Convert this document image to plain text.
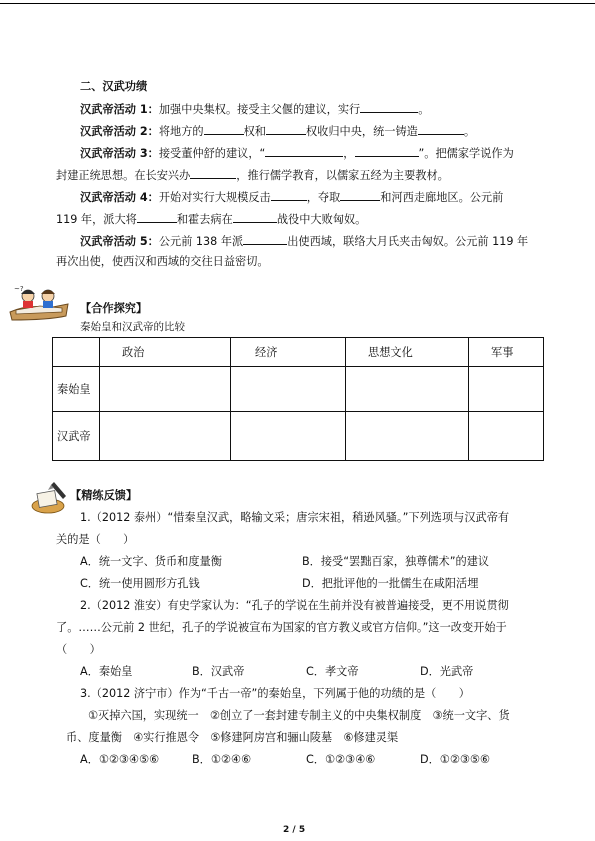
二、汉武功绩
汉武帝活动 1：加强中央集权。接受主父偃的建议，实行	。
汉武帝活动 2：将地方的	权和	权收归中央，统一铸造	。
汉武帝活动 3：接受董仲舒的建议，“	，	”。把儒家学说作为
封建正统思想。在长安兴办	，推行儒学教育，以儒家五经为主要教材。
汉武帝活动 4：开始对实行大规模反击	，夺取	和河西走廊地区。公元前
119 年，派大将	和霍去病在	战役中大败匈奴。
汉武帝活动 5：公元前 138 年派	出使西域，联络大月氏夹击匈奴。公元前 119 年
再次出使，使西汉和西域的交往日益密切。
~?
【合作探究】
秦始皇和汉武帝的比较
	政治	经济	思想文化	军事
秦始皇				
汉武帝				
【精练反馈】
1.（2012 泰州）“惜秦皇汉武，略输文采；唐宗宋祖，稍逊风骚。”下列选项与汉武帝有
关的是（　　）
A．统一文字、货币和度量衡	B．接受“罢黜百家，独尊儒术”的建议
C．统一使用圆形方孔钱	D．把批评他的一批儒生在咸阳活埋
2.（2012 淮安）有史学家认为：“孔子的学说在生前并没有被普遍接受，更不用说贯彻
了。……公元前 2 世纪，孔子的学说被宣布为国家的官方教义或官方信仰。”这一改变开始于
（　　）
A．秦始皇	B．汉武帝	C．孝文帝	D．光武帝
3.（2012 济宁市）作为“千古一帝”的秦始皇，下列属于他的功绩的是（　　）
①灭掉六国，实现统一　②创立了一套封建专制主义的中央集权制度　③统一文字、货
币、度量衡　④实行推恩令　⑤修建阿房宫和骊山陵墓　⑥修建灵渠
A．①②③④⑤⑥	B．①②④⑥	C．①②③④⑥	D．①②③⑤⑥
2 / 5
